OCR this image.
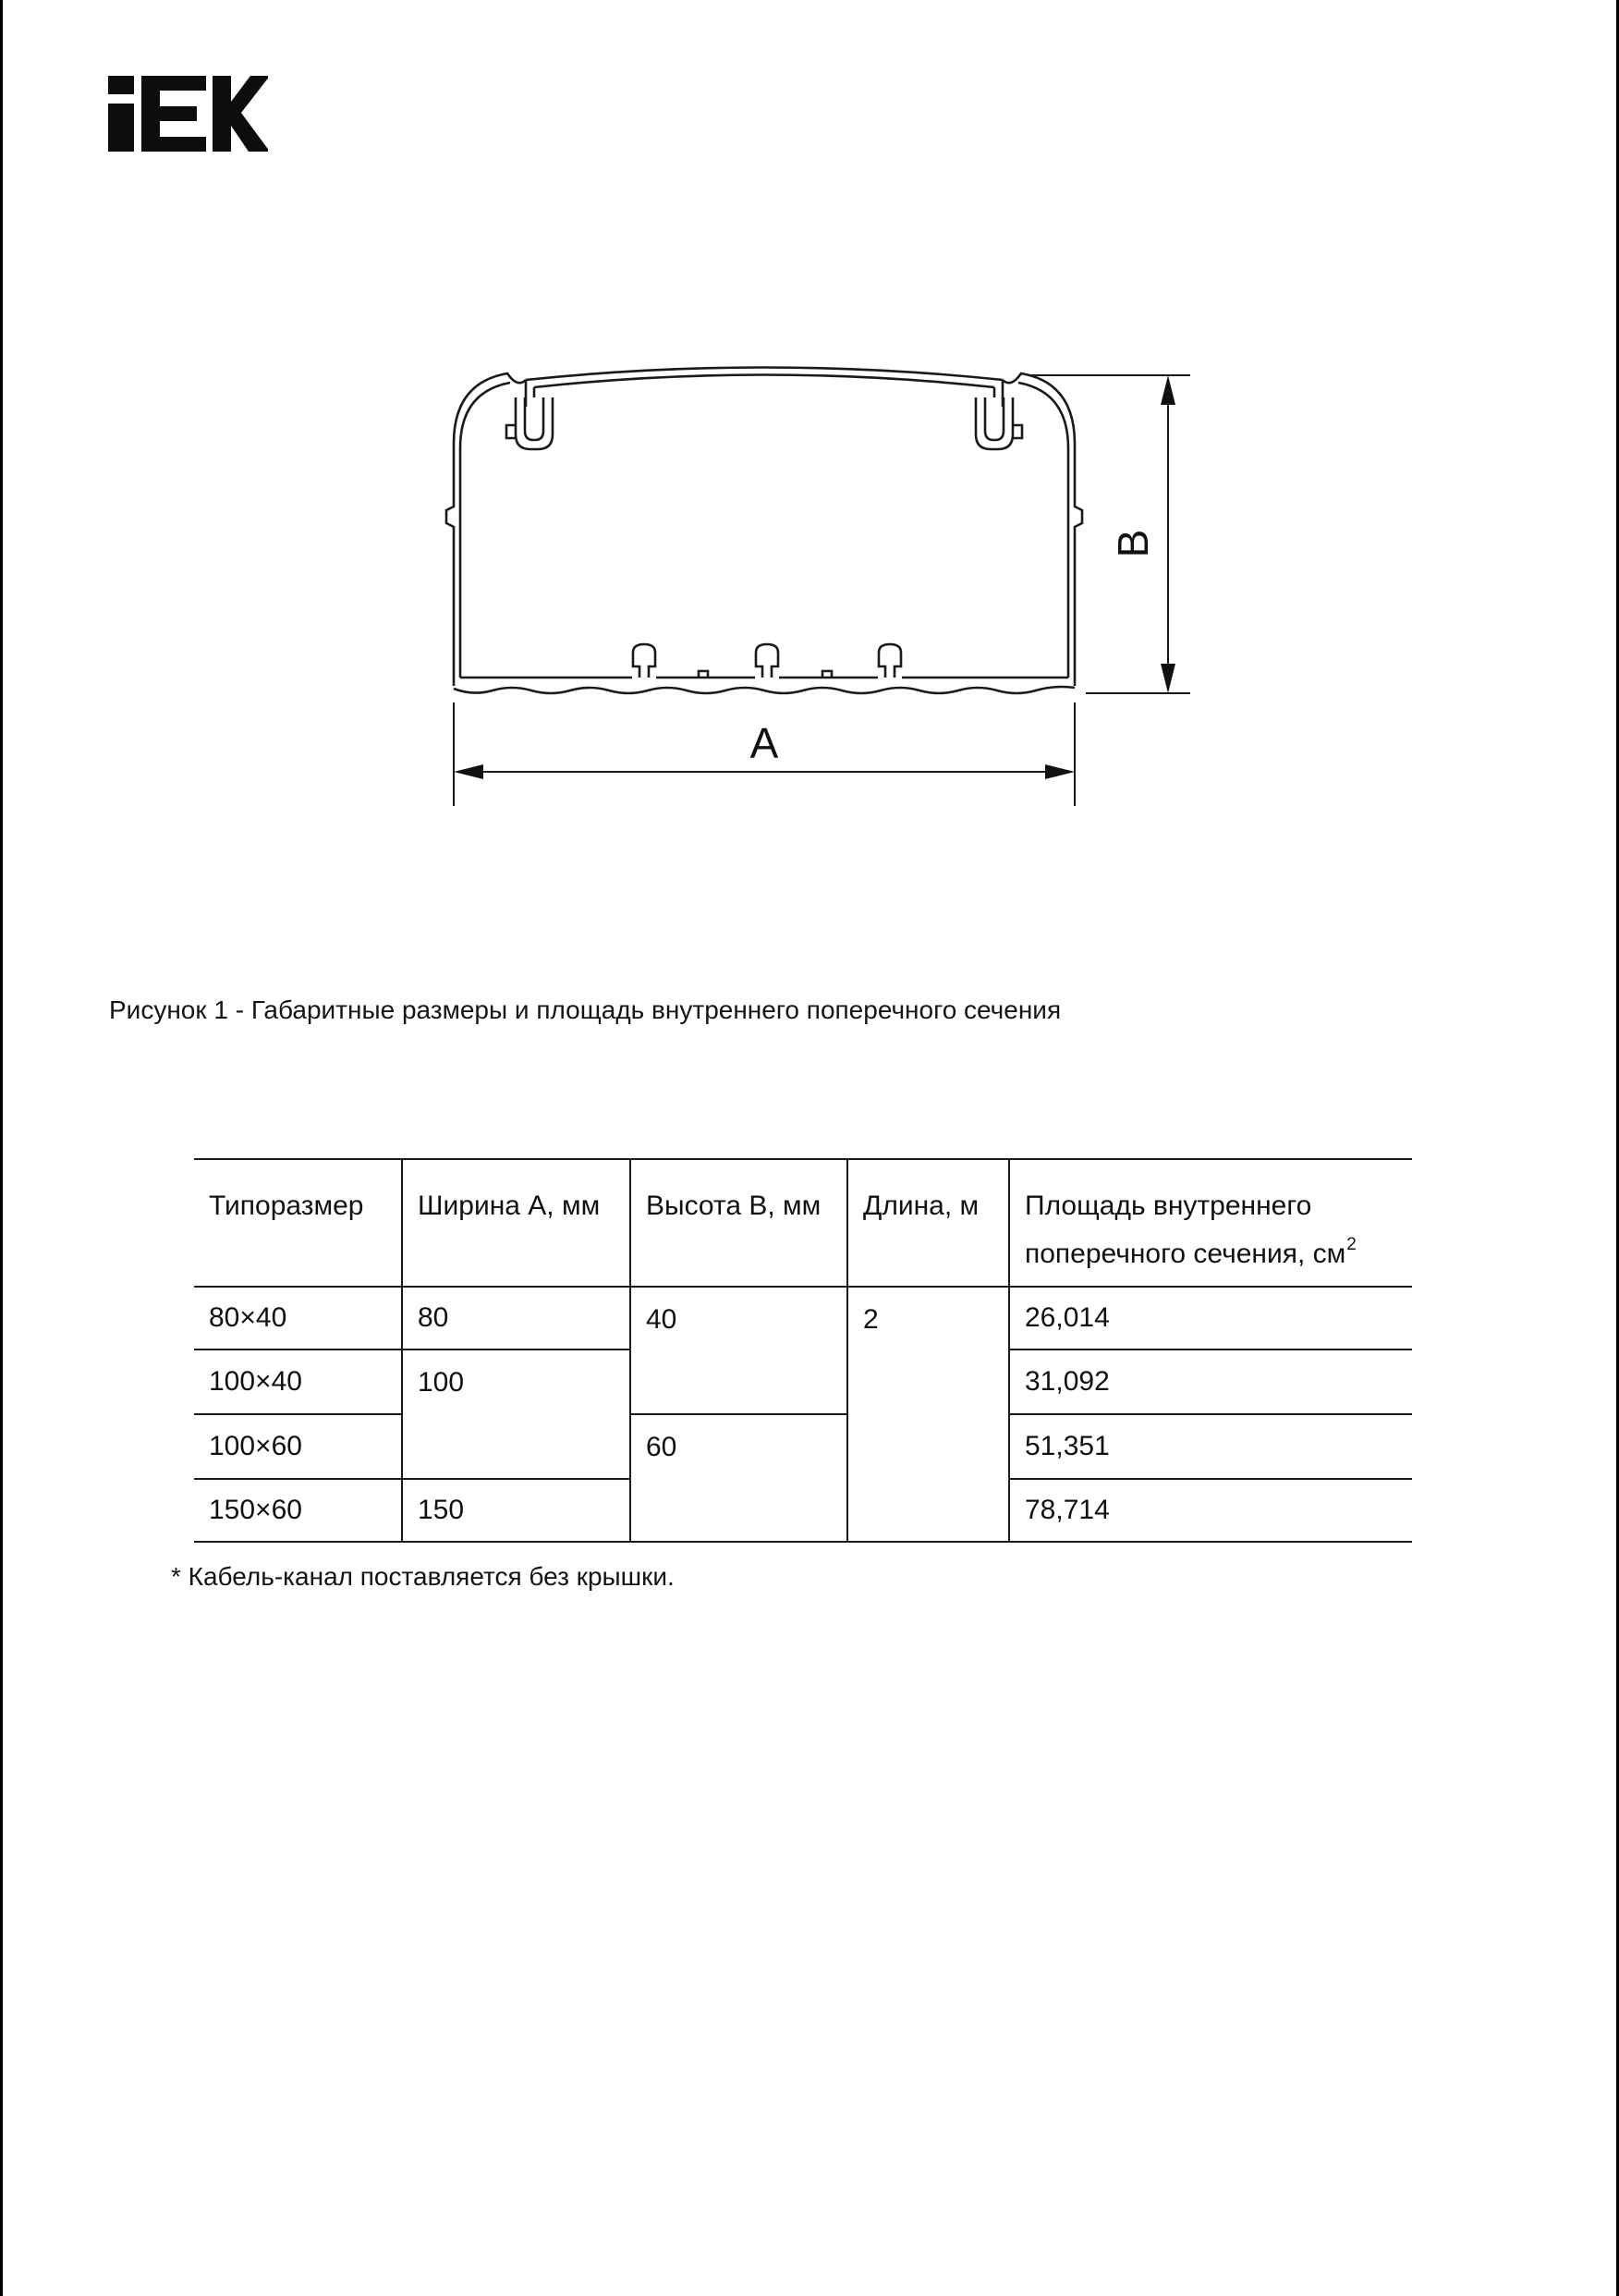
A
B
Рисунок 1 - Габаритные размеры и площадь внутреннего поперечного сечения
Типоразмер	Ширина А, мм	Высота В, мм	Длина, м	Площадь внутреннего поперечного сечения, $см^2$
80×40	80	40	2	26,014
100×40	100			31,092
100×60		60		51,351
150×60	150			78,714
* Кабель-канал поставляется без крышки.
